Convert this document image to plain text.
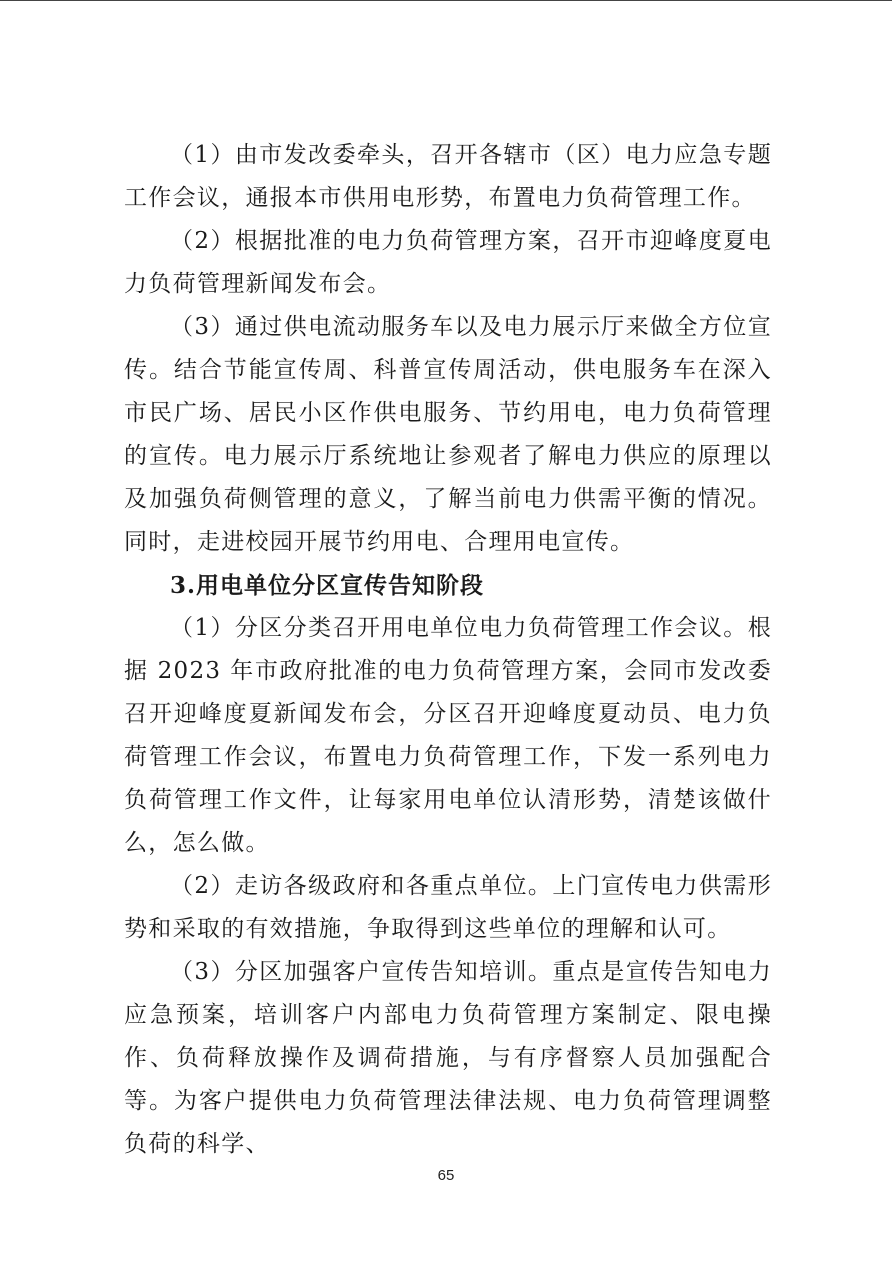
（1）由市发改委牵头，召开各辖市（区）电力应急专题工作会议，通报本市供用电形势，布置电力负荷管理工作。

（2）根据批准的电力负荷管理方案，召开市迎峰度夏电力负荷管理新闻发布会。

（3）通过供电流动服务车以及电力展示厅来做全方位宣传。结合节能宣传周、科普宣传周活动，供电服务车在深入市民广场、居民小区作供电服务、节约用电，电力负荷管理的宣传。电力展示厅系统地让参观者了解电力供应的原理以及加强负荷侧管理的意义，了解当前电力供需平衡的情况。同时，走进校园开展节约用电、合理用电宣传。

3.用电单位分区宣传告知阶段

（1）分区分类召开用电单位电力负荷管理工作会议。根据 2023 年市政府批准的电力负荷管理方案，会同市发改委召开迎峰度夏新闻发布会，分区召开迎峰度夏动员、电力负荷管理工作会议，布置电力负荷管理工作，下发一系列电力负荷管理工作文件，让每家用电单位认清形势，清楚该做什么，怎么做。

（2）走访各级政府和各重点单位。上门宣传电力供需形势和采取的有效措施，争取得到这些单位的理解和认可。

（3）分区加强客户宣传告知培训。重点是宣传告知电力应急预案，培训客户内部电力负荷管理方案制定、限电操作、负荷释放操作及调荷措施，与有序督察人员加强配合等。为客户提供电力负荷管理法律法规、电力负荷管理调整负荷的科学、

65
